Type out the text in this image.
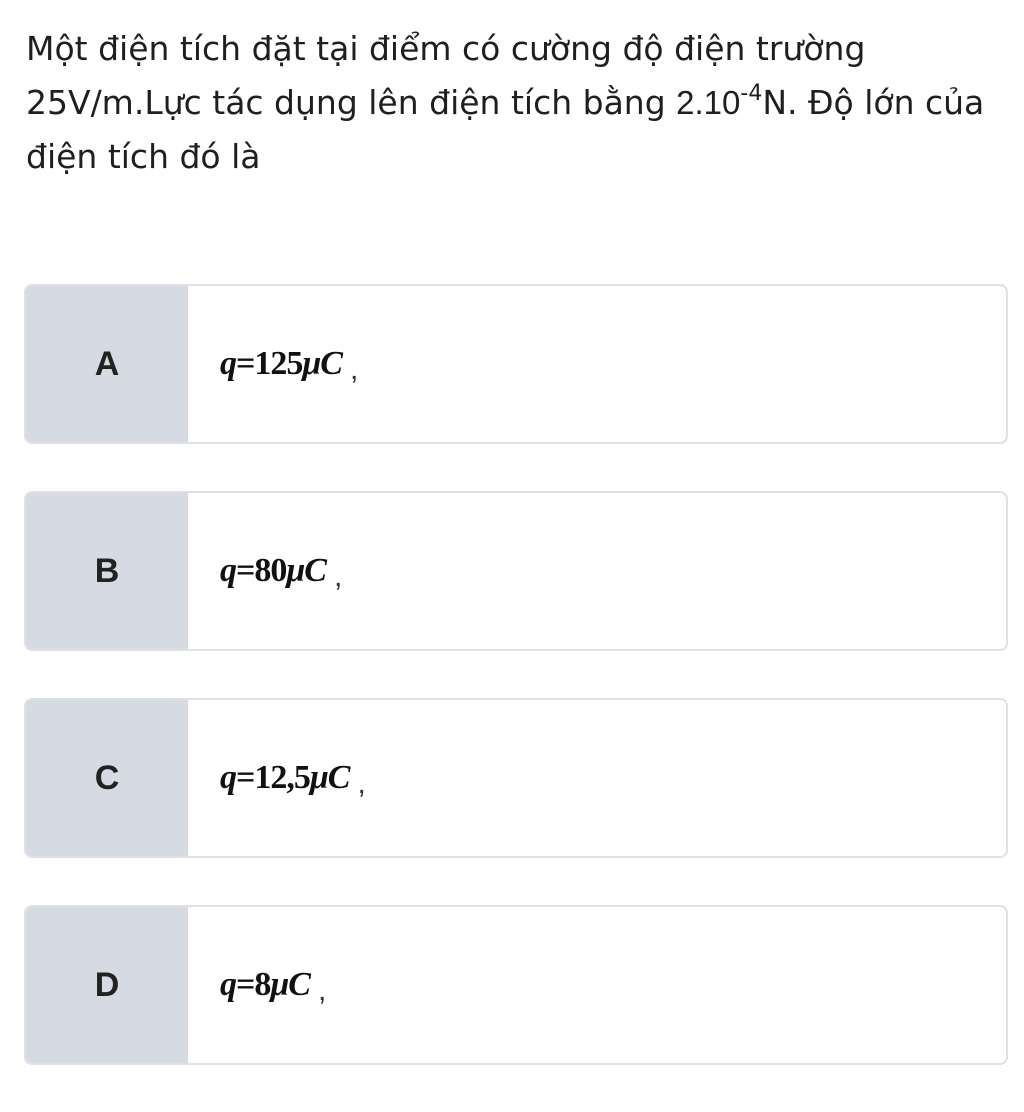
Một điện tích đặt tại điểm có cường độ điện trường 25V/m.Lực tác dụng lên điện tích bằng $2.10^{-4}N$. Độ lớn của điện tích đó là

A	q=125μC ,
B	q=80μC ,
C	q=12,5μC ,
D	q=8μC ,
